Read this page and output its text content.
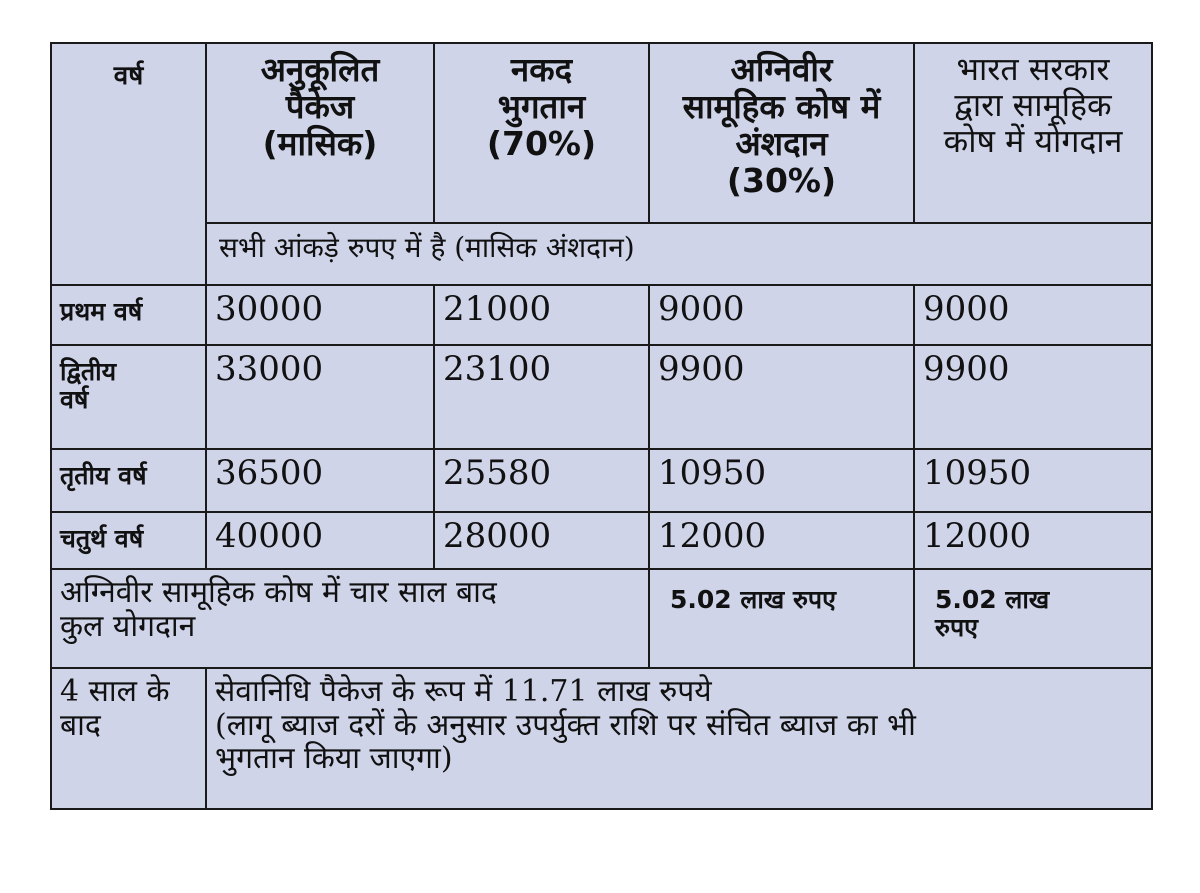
वर्ष	अनुकूलित
पैकेज
(मासिक)	नकद
भुगतान
(70%)	अग्निवीर
सामूहिक कोष में
अंशदान
(30%)	भारत सरकार
द्वारा सामूहिक
कोष में योगदान

	सभी आंकड़े रुपए में है (मासिक अंशदान)			
प्रथम वर्ष	30000	21000	9000	9000

द्वितीय
वर्ष	33000	23100	9900	9900
तृतीय वर्ष	36500	25580	10950	10950
चतुर्थ वर्ष	40000	28000	12000	12000

अग्निवीर सामूहिक कोष में चार साल बाद
कुल योगदान			5.02 लाख रुपए	5.02 लाख
रुपए

4 साल के
बाद	सेवानिधि पैकेज के रूप में 11.71 लाख रुपये
(लागू ब्याज दरों के अनुसार उपर्युक्त राशि पर संचित ब्याज का भी
भुगतान किया जाएगा)			
